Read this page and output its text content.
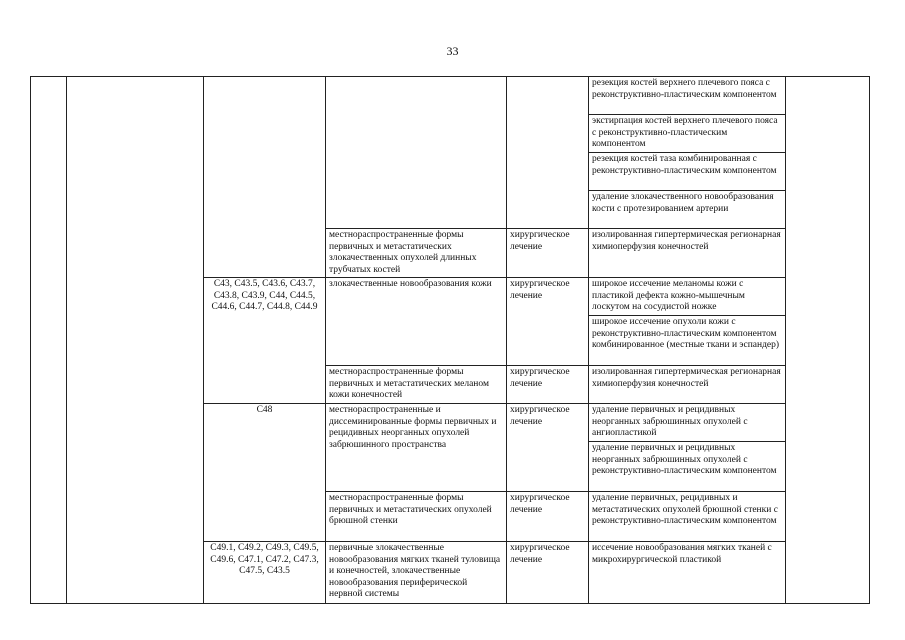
33
					резекция костей верхнего плечевого пояса с реконструктивно-пластическим компонентом	
					экстирпация костей верхнего плечевого пояса с реконструктивно-пластическим компонентом	
					резекция костей таза комбинированная с реконструктивно-пластическим компонентом	
					удаление злокачественного новообразования кости с протезированием артерии	
			местнораспространенные формы первичных и метастатических злокачественных опухолей длинных трубчатых костей	хирургическое лечение	изолированная гипертермическая регионарная химиоперфузия конечностей	
		C43, C43.5, C43.6, C43.7, C43.8, C43.9, C44, C44.5, C44.6, C44.7, C44.8, C44.9	злокачественные новообразования кожи	хирургическое лечение	широкое иссечение меланомы кожи с пластикой дефекта кожно-мышечным лоскутом на сосудистой ножке	
					широкое иссечение опухоли кожи с реконструктивно-пластическим компонентом комбинированное (местные ткани и эспандер)	
			местнораспространенные формы первичных и метастатических меланом кожи конечностей	хирургическое лечение	изолированная гипертермическая регионарная химиоперфузия конечностей	
		C48	местнораспространенные и диссеминированные формы первичных и рецидивных неорганных опухолей забрюшинного пространства	хирургическое лечение	удаление первичных и рецидивных неорганных забрюшинных опухолей с ангиопластикой	
					удаление первичных и рецидивных неорганных забрюшинных опухолей с реконструктивно-пластическим компонентом	
			местнораспространенные формы первичных и метастатических опухолей брюшной стенки	хирургическое лечение	удаление первичных, рецидивных и метастатических опухолей брюшной стенки с реконструктивно-пластическим компонентом	
		C49.1, C49.2, C49.3, C49.5, C49.6, C47.1, C47.2, C47.3, C47.5, C43.5	первичные злокачественные новообразования мягких тканей туловища и конечностей, злокачественные новообразования периферической нервной системы	хирургическое лечение	иссечение новообразования мягких тканей с микрохирургической пластикой	
